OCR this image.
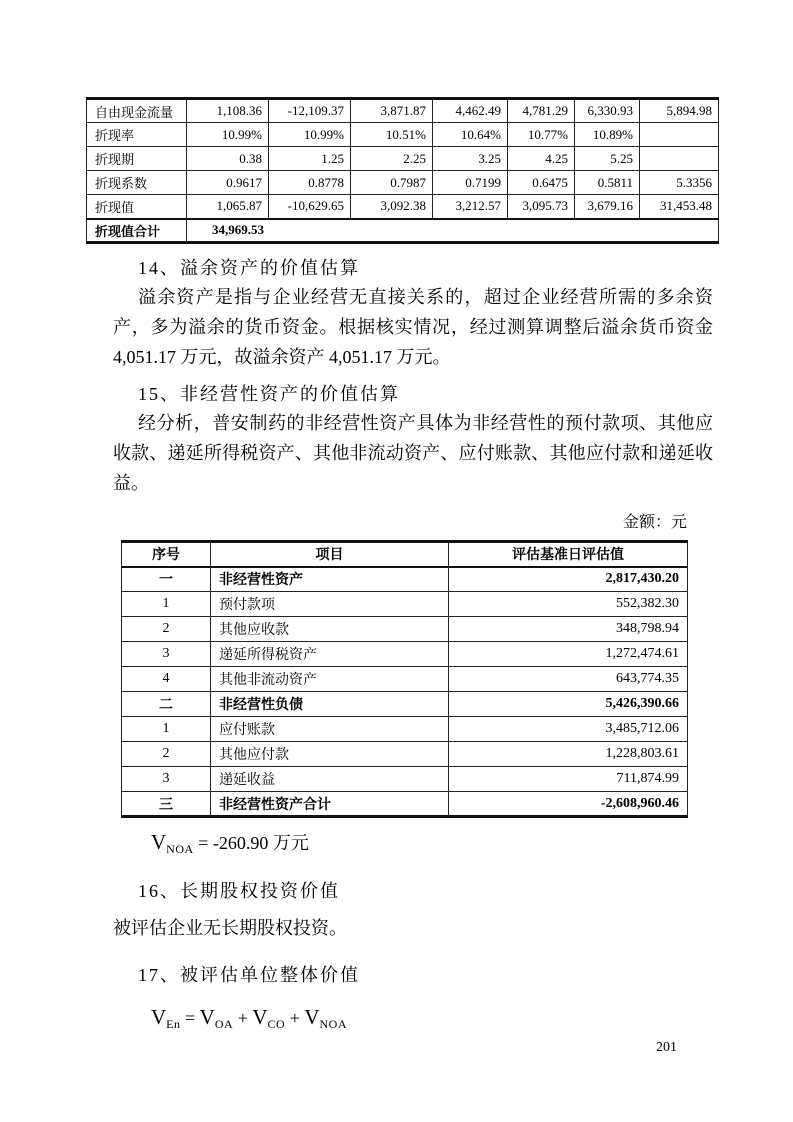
自由现金流量	1,108.36	-12,109.37	3,871.87	4,462.49	4,781.29	6,330.93	5,894.98
折现率	10.99%	10.99%	10.51%	10.64%	10.77%	10.89%	
折现期	0.38	1.25	2.25	3.25	4.25	5.25	
折现系数	0.9617	0.8778	0.7987	0.7199	0.6475	0.5811	5.3356
折现值	1,065.87	-10,629.65	3,092.38	3,212.57	3,095.73	3,679.16	31,453.48
折现值合计	34,969.53						
14、溢余资产的价值估算
溢余资产是指与企业经营无直接关系的，超过企业经营所需的多余资产，多为溢余的货币资金。根据核实情况，经过测算调整后溢余货币资金 4,051.17 万元，故溢余资产 4,051.17 万元。
15、非经营性资产的价值估算
经分析，普安制药的非经营性资产具体为非经营性的预付款项、其他应收款、递延所得税资产、其他非流动资产、应付账款、其他应付款和递延收益。
金额：元
序号	项目	评估基准日评估值
一	非经营性资产	2,817,430.20
1	预付款项	552,382.30
2	其他应收款	348,798.94
3	递延所得税资产	1,272,474.61
4	其他非流动资产	643,774.35
二	非经营性负债	5,426,390.66
1	应付账款	3,485,712.06
2	其他应付款	1,228,803.61
3	递延收益	711,874.99
三	非经营性资产合计	-2,608,960.46
$V_{NOA} = -260.90$ 万元
16、长期股权投资价值
被评估企业无长期股权投资。
17、被评估单位整体价值
$V_{En} = V_{OA} + V_{CO} + V_{NOA}$
201
